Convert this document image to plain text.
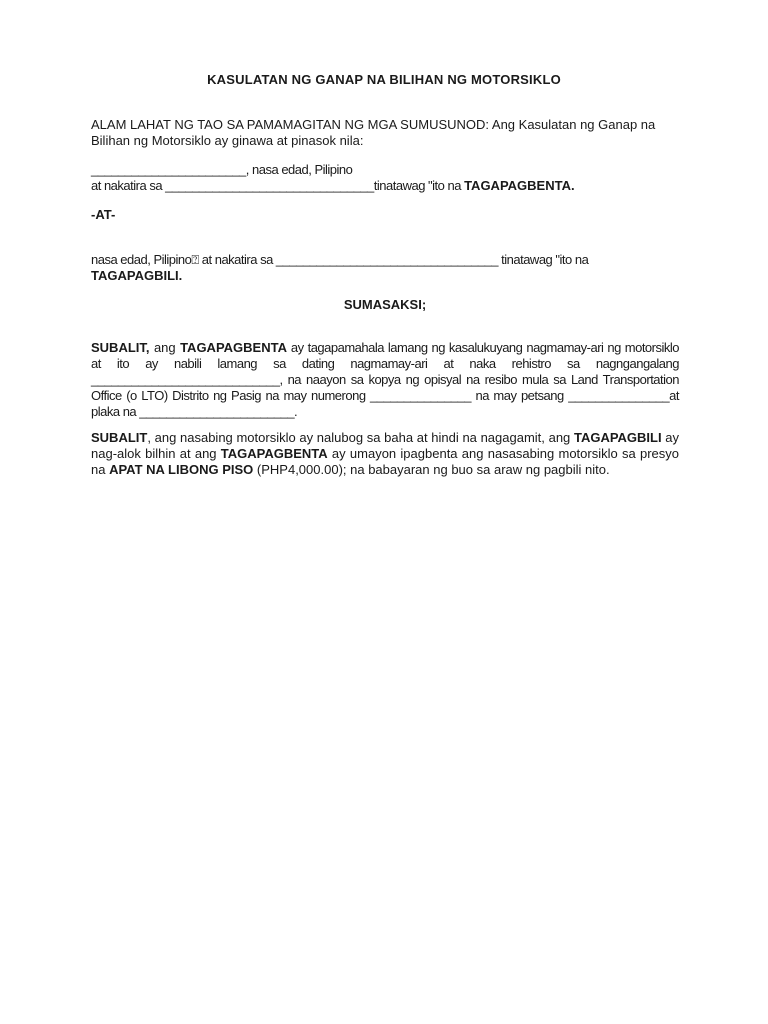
KASULATAN NG GANAP NA BILIHAN NG MOTORSIKLO
ALAM LAHAT NG TAO SA PAMAMAGITAN NG MGA SUMUSUNOD: Ang Kasulatan ng Ganap na
Bilihan ng Motorsiklo ay ginawa at pinasok nila:
_______________________, nasa edad, Pilipino
at nakatira sa _______________________________tinatawag "ito na TAGAPAGBENTA.
-AT-
nasa edad, Pilipino⍰ at nakatira sa _________________________________ tinatawag "ito na
TAGAPAGBILI.
SUMASAKSI;
SUBALIT, ang TAGAPAGBENTA ay tagapamahala lamang ng kasalukuyang nagmamay-ari ng motorsiklo at ito ay nabili lamang sa dating nagmamay-ari at naka rehistro sa nagngangalang ____________________________, na naayon sa kopya ng opisyal na resibo mula sa Land Transportation Office (o LTO) Distrito ng Pasig na may numerong _______________ na may petsang _______________at plaka na _______________________.
SUBALIT, ang nasabing motorsiklo ay nalubog sa baha at hindi na nagagamit, ang TAGAPAGBILI ay nag-alok bilhin at ang TAGAPAGBENTA ay umayon ipagbenta ang nasasabing motorsiklo sa presyo na APAT NA LIBONG PISO (PHP4,000.00); na babayaran ng buo sa araw ng pagbili nito.
